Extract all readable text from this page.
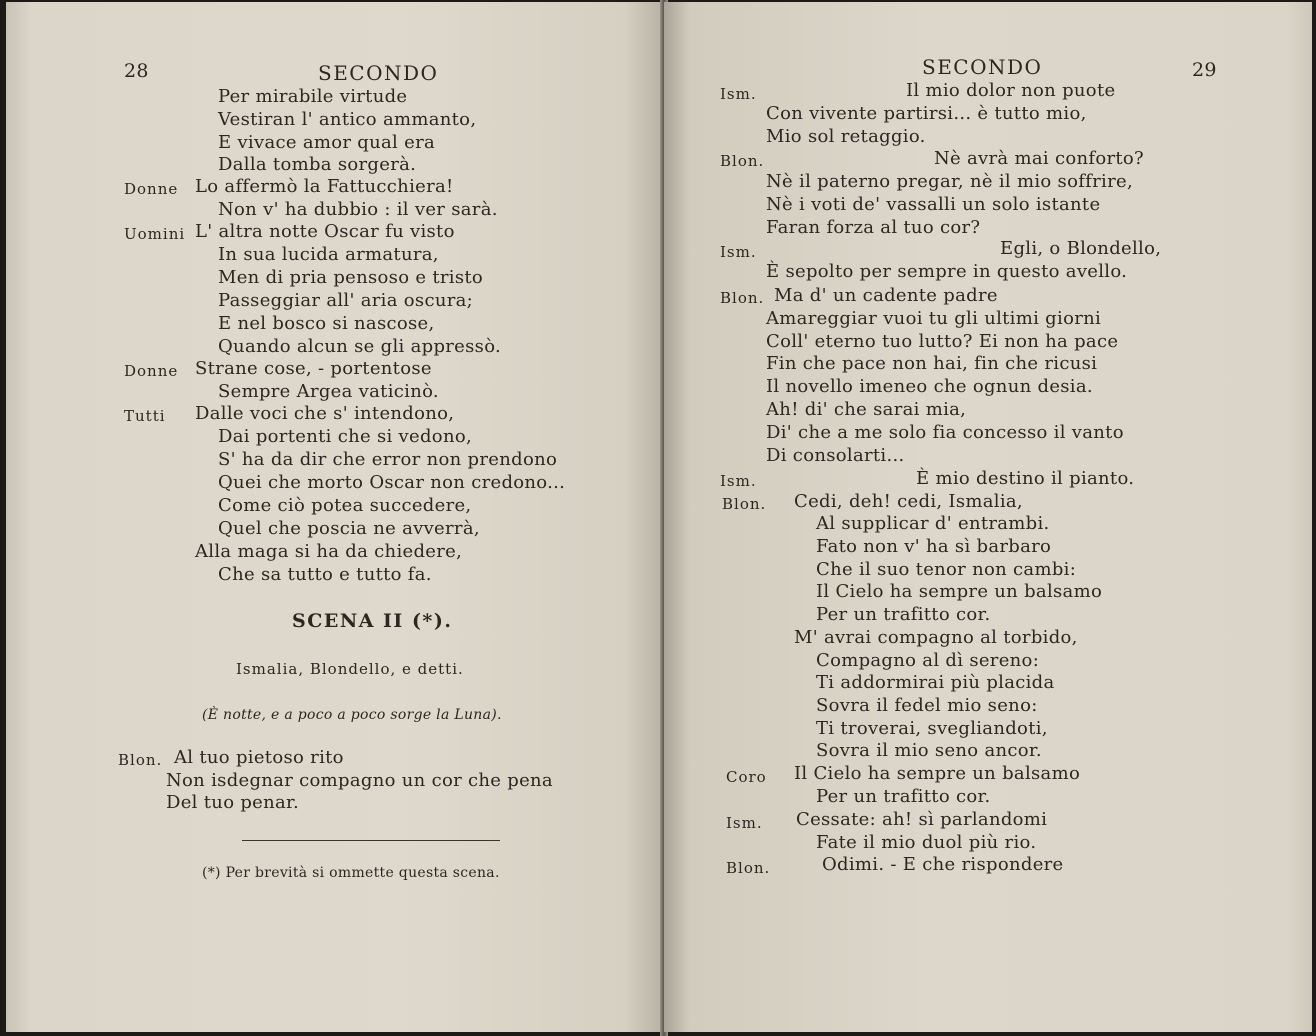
28	SECONDO
Per mirabile virtude
Vestiran l' antico ammanto,
E vivace amor qual era
Dalla tomba sorgerà.
Donne Lo affermò la Fattucchiera!
Non v' ha dubbio : il ver sarà.
Uomini L' altra notte Oscar fu visto
In sua lucida armatura,
Men di pria pensoso e tristo
Passeggiar all' aria oscura;
E nel bosco si nascose,
Quando alcun se gli appressò.
Donne Strane cose, - portentose
Sempre Argea vaticinò.
Tutti Dalle voci che s' intendono,
Dai portenti che si vedono,
S' ha da dir che error non prendono
Quei che morto Oscar non credono...
Come ciò potea succedere,
Quel che poscia ne avverrà,
Alla maga si ha da chiedere,
Che sa tutto e tutto fa.
SCENA II (*).
Ismalia, Blondello, e detti.
(È notte, e a poco a poco sorge la Luna).
Blon. Al tuo pietoso rito
Non isdegnar compagno un cor che pena
Del tuo penar.
(*) Per brevità si ommette questa scena.
SECONDO	29
Ism.	Il mio dolor non puote
Con vivente partirsi... è tutto mio,
Mio sol retaggio.
Blon.	Nè avrà mai conforto?
Nè il paterno pregar, nè il mio soffrire,
Nè i voti de' vassalli un solo istante
Faran forza al tuo cor?
Ism.	Egli, o Blondello,
È sepolto per sempre in questo avello.
Blon. Ma d' un cadente padre
Amareggiar vuoi tu gli ultimi giorni
Coll' eterno tuo lutto? Ei non ha pace
Fin che pace non hai, fin che ricusi
Il novello imeneo che ognun desia.
Ah! di' che sarai mia,
Di' che a me solo fia concesso il vanto
Di consolarti...
Ism.	È mio destino il pianto.
Blon. Cedi, deh! cedi, Ismalia,
Al supplicar d' entrambi.
Fato non v' ha sì barbaro
Che il suo tenor non cambi:
Il Cielo ha sempre un balsamo
Per un trafitto cor.
M' avrai compagno al torbido,
Compagno al dì sereno:
Ti addormirai più placida
Sovra il fedel mio seno:
Ti troverai, svegliandoti,
Sovra il mio seno ancor.
Coro Il Cielo ha sempre un balsamo
Per un trafitto cor.
Ism. Cessate: ah! sì parlandomi
Fate il mio duol più rio.
Blon.	Odimi. - E che rispondere
